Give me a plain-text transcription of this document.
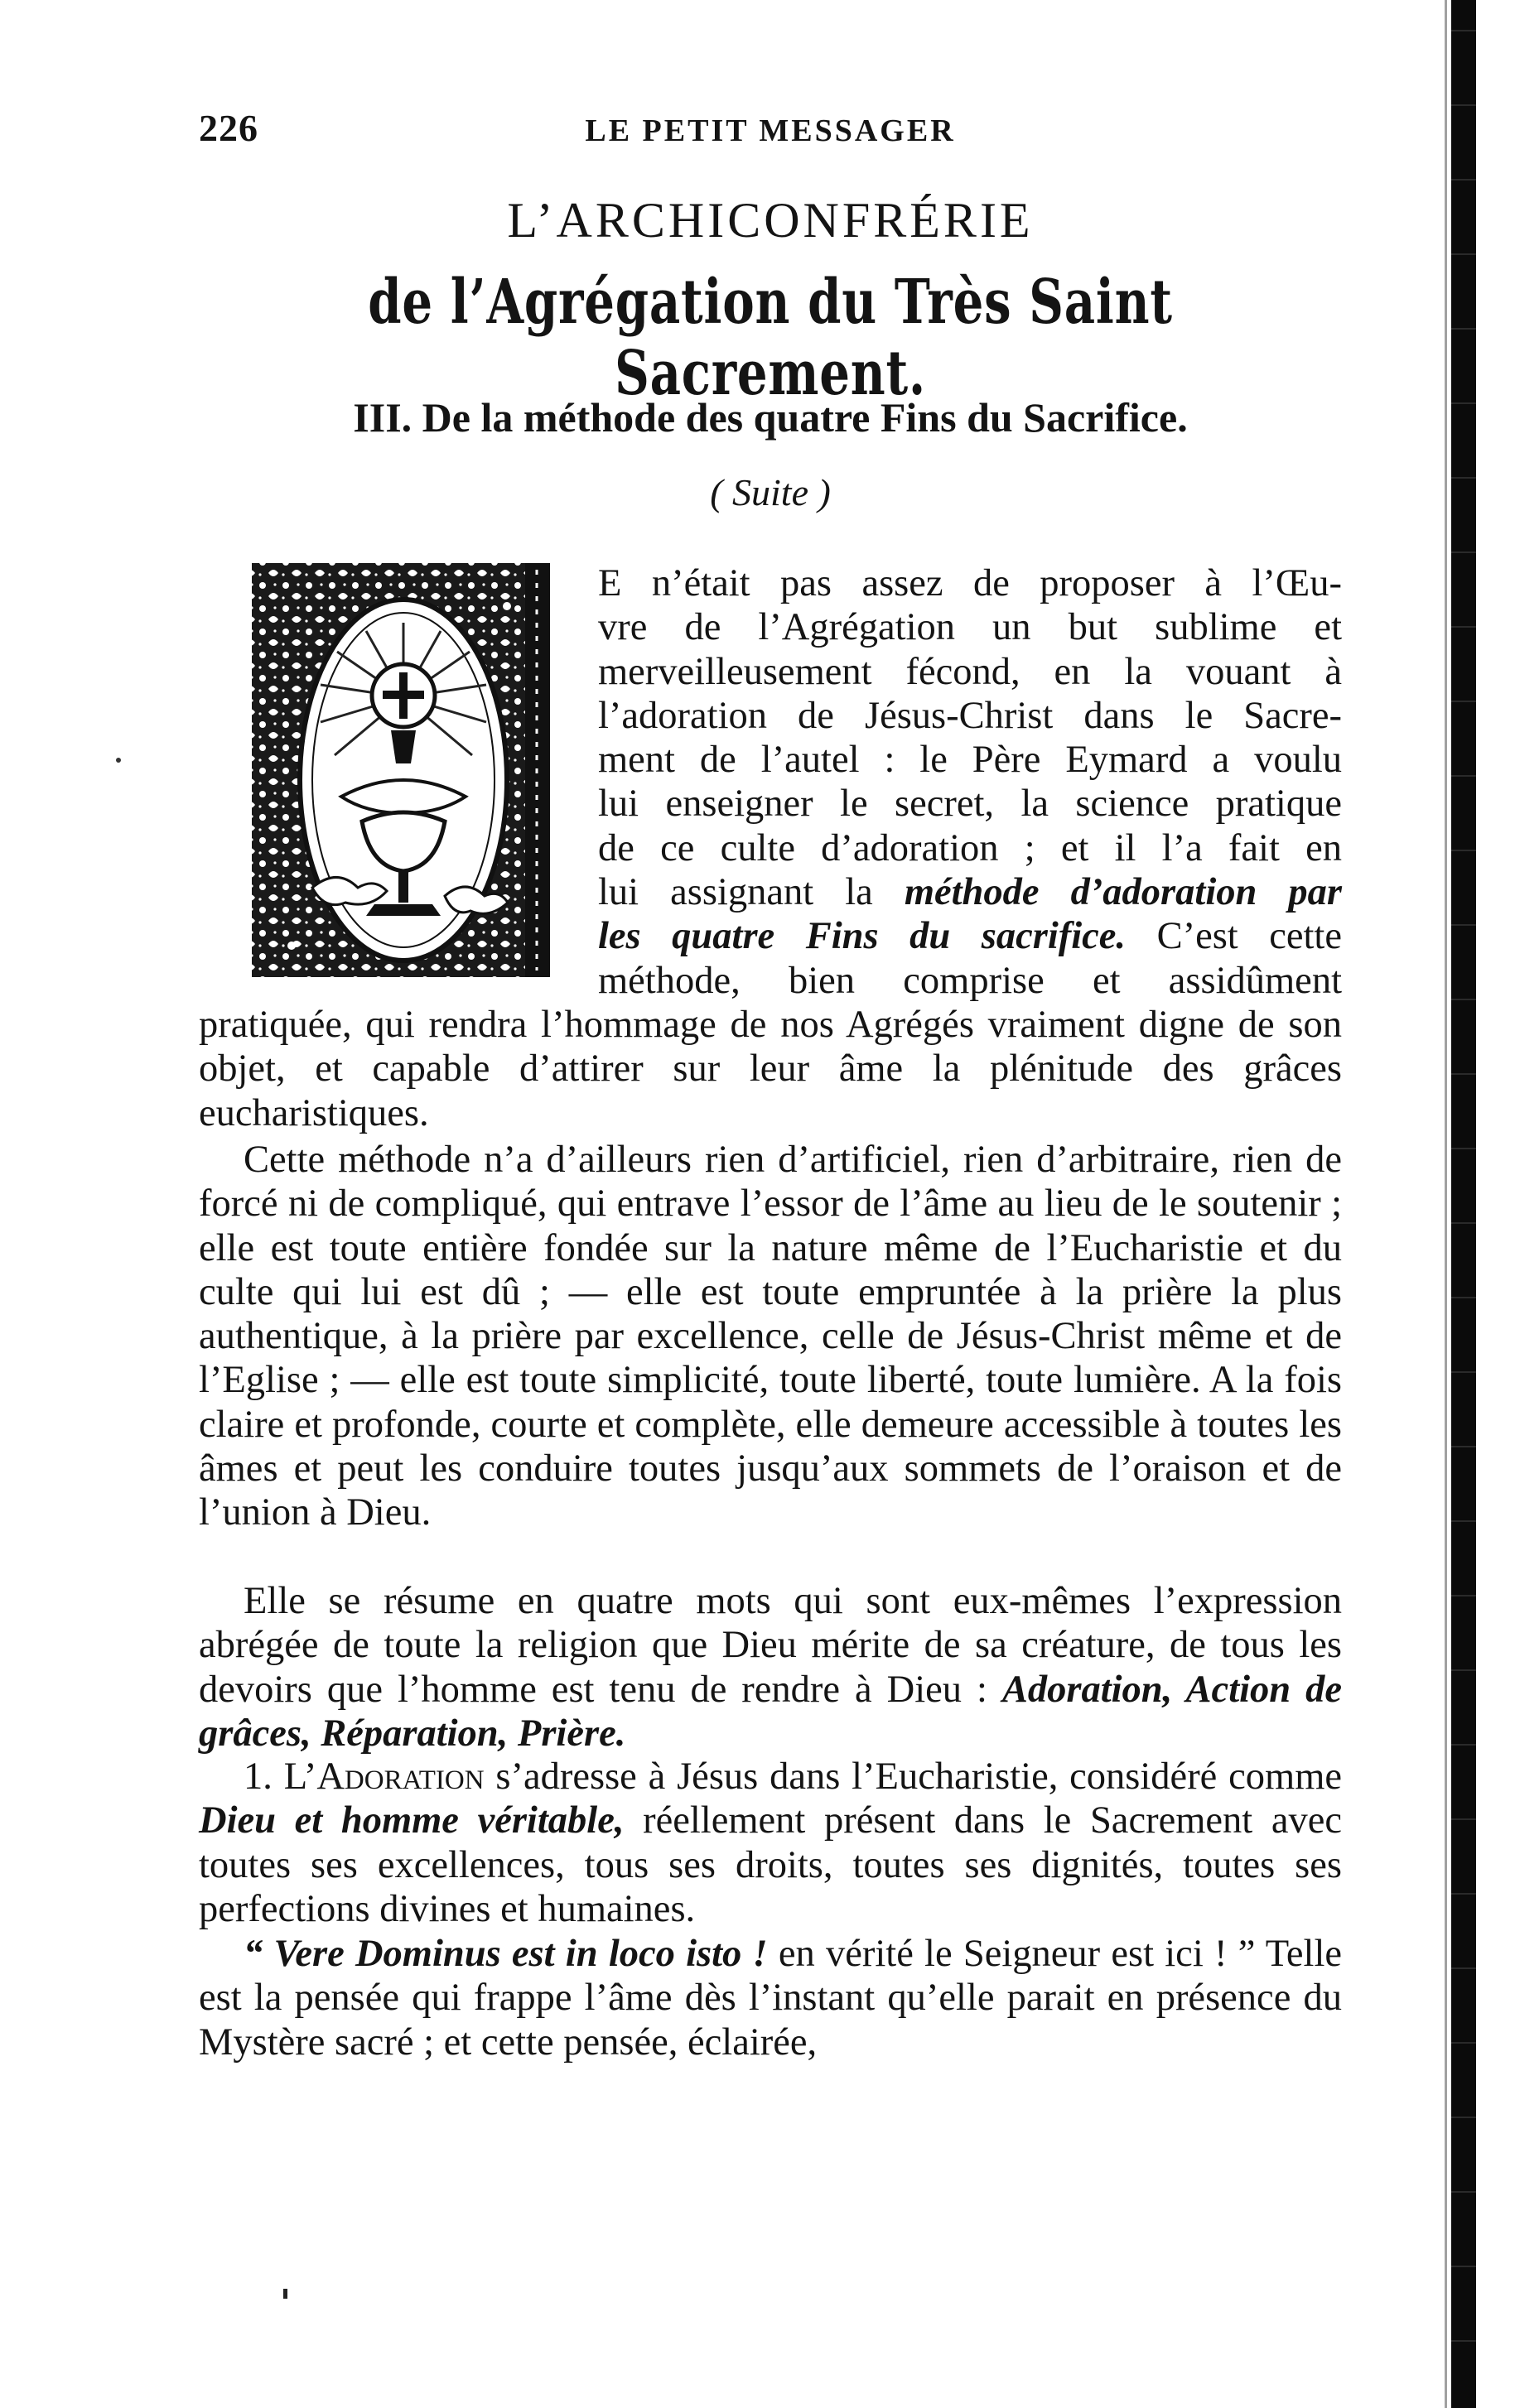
226	LE PETIT MESSAGER
L’ARCHICONFRÉRIE
de l’Agrégation du Très Saint Sacrement.
III. De la méthode des quatre Fins du Sacrifice.
( Suite )
E n’était pas assez de proposer à l’Œu-
vre de l’Agrégation un but sublime et
merveilleusement fécond, en la vouant à
l’adoration de Jésus-Christ dans le Sacre-
ment de l’autel : le Père Eymard a voulu
lui enseigner le secret, la science pratique
de ce culte d’adoration ; et il l’a fait en
lui assignant la méthode d’adoration par
les quatre Fins du sacrifice. C’est cette
méthode, bien comprise et assidûment

pratiquée, qui rendra l’hommage de nos Agrégés vraiment digne de son objet, et capable d’attirer sur leur âme la plénitude des grâces eucharistiques.

Cette méthode n’a d’ailleurs rien d’artificiel, rien d’arbitraire, rien de forcé ni de compliqué, qui entrave l’essor de l’âme au lieu de le soutenir ; elle est toute entière fondée sur la nature même de l’Eucharistie et du culte qui lui est dû ; — elle est toute empruntée à la prière la plus authentique, à la prière par excellence, celle de Jésus-Christ même et de l’Eglise ; — elle est toute simplicité, toute liberté, toute lumière. A la fois claire et profonde, courte et complète, elle demeure accessible à toutes les âmes et peut les conduire toutes jusqu’aux sommets de l’oraison et de l’union à Dieu.

Elle se résume en quatre mots qui sont eux-mêmes l’expression abrégée de toute la religion que Dieu mérite de sa créature, de tous les devoirs que l’homme est tenu de rendre à Dieu : Adoration, Action de grâces, Réparation, Prière.

1. L’Adoration s’adresse à Jésus dans l’Eucharistie, considéré comme Dieu et homme véritable, réellement présent dans le Sacrement avec toutes ses excellences, tous ses droits, toutes ses dignités, toutes ses perfections divines et humaines.

“ Vere Dominus est in loco isto ! en vérité le Seigneur est ici ! ” Telle est la pensée qui frappe l’âme dès l’instant qu’elle parait en présence du Mystère sacré ; et cette pensée, éclairée,
